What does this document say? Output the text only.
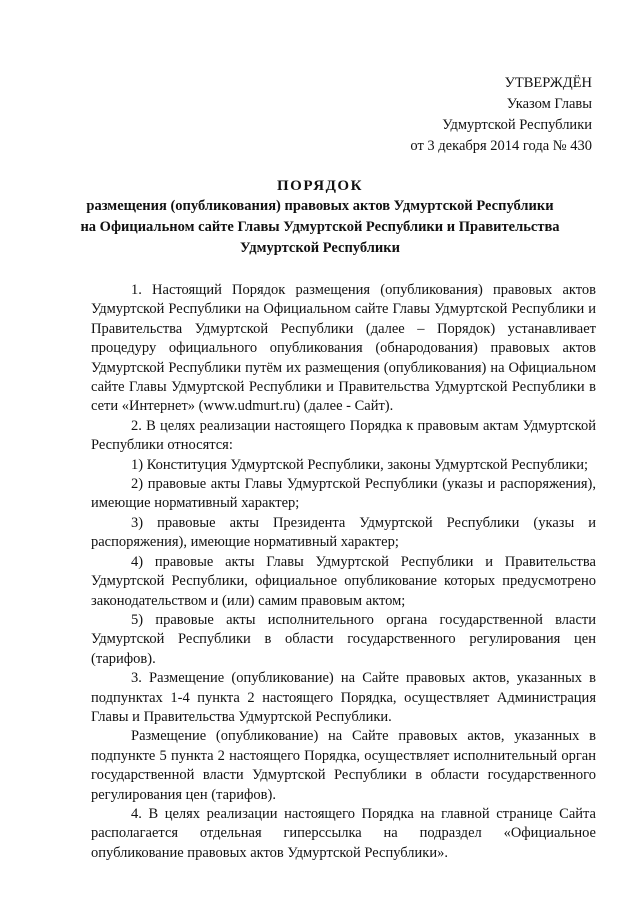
УТВЕРЖДЁН
Указом Главы
Удмуртской Республики
от 3 декабря 2014 года № 430
ПОРЯДОК
размещения (опубликования) правовых актов Удмуртской Республики
на Официальном сайте Главы Удмуртской Республики и Правительства
Удмуртской Республики

1. Настоящий Порядок размещения (опубликования) правовых актов Удмуртской Республики на Официальном сайте Главы Удмуртской Республики и Правительства Удмуртской Республики (далее – Порядок) устанавливает процедуру официального опубликования (обнародования) правовых актов Удмуртской Республики путём их размещения (опубликования) на Официальном сайте Главы Удмуртской Республики и Правительства Удмуртской Республики в сети «Интернет» (www.udmurt.ru) (далее - Сайт).

2. В целях реализации настоящего Порядка к правовым актам Удмуртской Республики относятся:

1) Конституция Удмуртской Республики, законы Удмуртской Республики;

2) правовые акты Главы Удмуртской Республики (указы и распоряжения), имеющие нормативный характер;

3) правовые акты Президента Удмуртской Республики (указы и распоряжения), имеющие нормативный характер;

4) правовые акты Главы Удмуртской Республики и Правительства Удмуртской Республики, официальное опубликование которых предусмотрено законодательством и (или) самим правовым актом;

5) правовые акты исполнительного органа государственной власти Удмуртской Республики в области государственного регулирования цен (тарифов).

3. Размещение (опубликование) на Сайте правовых актов, указанных в подпунктах 1-4 пункта 2 настоящего Порядка, осуществляет Администрация Главы и Правительства Удмуртской Республики.

Размещение (опубликование) на Сайте правовых актов, указанных в подпункте 5 пункта 2 настоящего Порядка, осуществляет исполнительный орган государственной власти Удмуртской Республики в области государственного регулирования цен (тарифов).

4. В целях реализации настоящего Порядка на главной странице Сайта располагается отдельная гиперссылка на подраздел «Официальное опубликование правовых актов Удмуртской Республики».
